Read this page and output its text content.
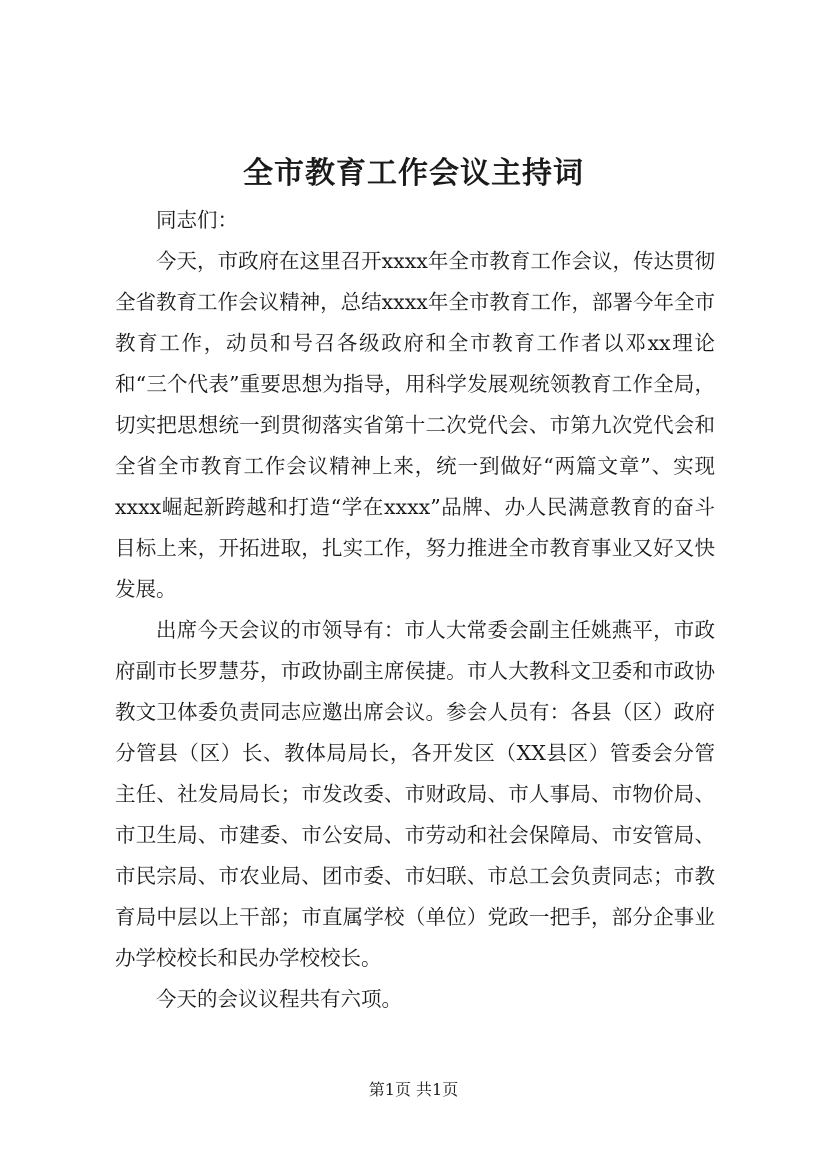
全市教育工作会议主持词

同志们：

今天，市政府在这里召开xxxx年全市教育工作会议，传达贯彻全省教育工作会议精神，总结xxxx年全市教育工作，部署今年全市教育工作，动员和号召各级政府和全市教育工作者以邓xx理论和“三个代表”重要思想为指导，用科学发展观统领教育工作全局，切实把思想统一到贯彻落实省第十二次党代会、市第九次党代会和全省全市教育工作会议精神上来，统一到做好“两篇文章”、实现xxxx崛起新跨越和打造“学在xxxx”品牌、办人民满意教育的奋斗目标上来，开拓进取，扎实工作，努力推进全市教育事业又好又快发展。

出席今天会议的市领导有：市人大常委会副主任姚燕平，市政府副市长罗慧芬，市政协副主席侯捷。市人大教科文卫委和市政协教文卫体委负责同志应邀出席会议。参会人员有：各县（区）政府分管县（区）长、教体局局长，各开发区（XX县区）管委会分管主任、社发局局长；市发改委、市财政局、市人事局、市物价局、市卫生局、市建委、市公安局、市劳动和社会保障局、市安管局、市民宗局、市农业局、团市委、市妇联、市总工会负责同志；市教育局中层以上干部；市直属学校（单位）党政一把手，部分企事业办学校校长和民办学校校长。

今天的会议议程共有六项。

第1页 共1页
